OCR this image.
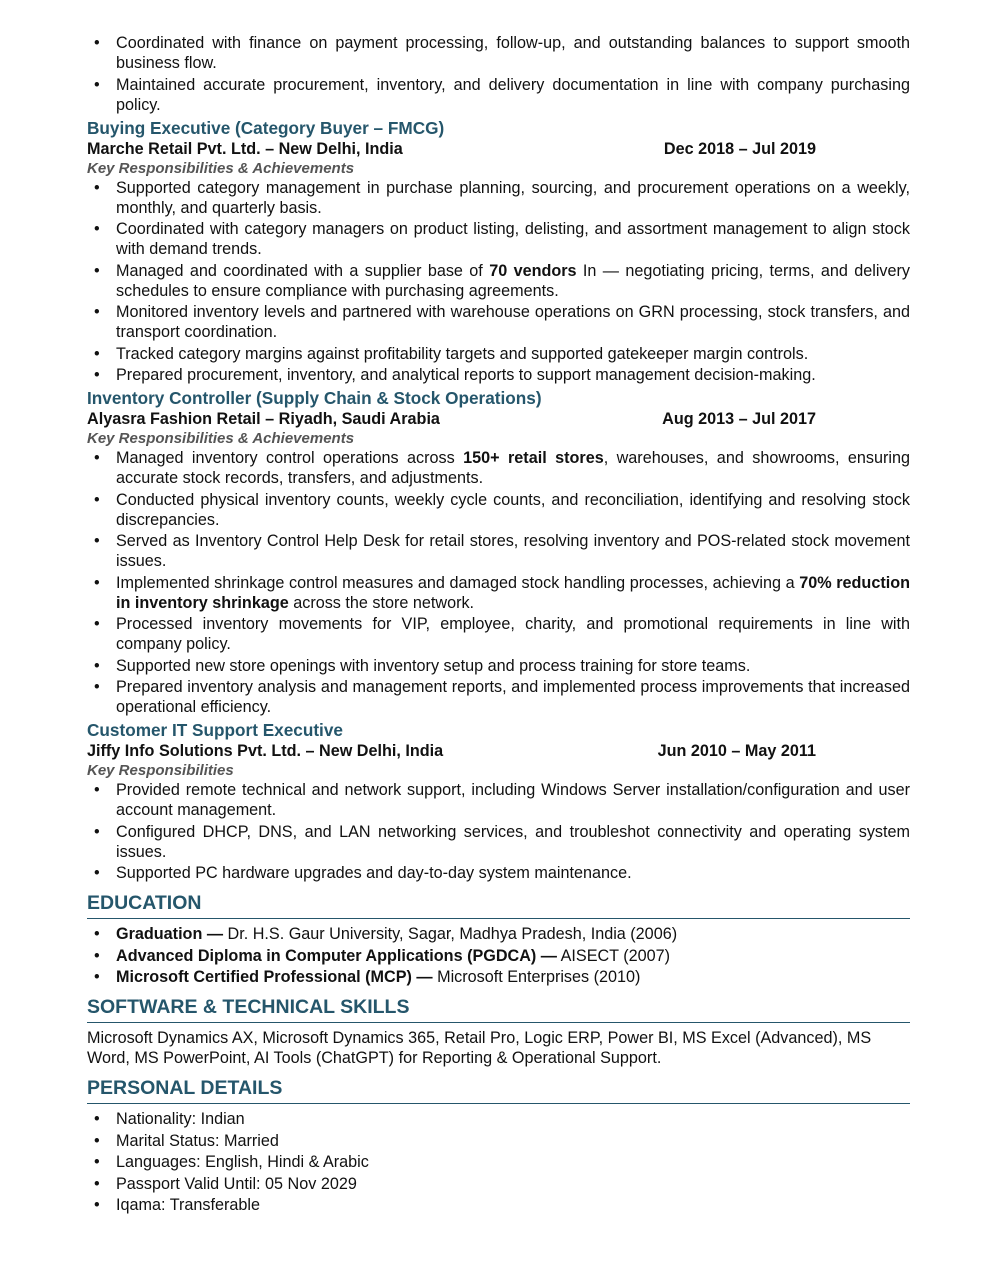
• Coordinated with finance on payment processing, follow-up, and outstanding balances to support smooth business flow.
• Maintained accurate procurement, inventory, and delivery documentation in line with company purchasing policy.
Buying Executive (Category Buyer – FMCG)
Marche Retail Pvt. Ltd. – New Delhi, India	Dec 2018 – Jul 2019
Key Responsibilities & Achievements
• Supported category management in purchase planning, sourcing, and procurement operations on a weekly, monthly, and quarterly basis.
• Coordinated with category managers on product listing, delisting, and assortment management to align stock with demand trends.
• Managed and coordinated with a supplier base of 70 vendors In — negotiating pricing, terms, and delivery schedules to ensure compliance with purchasing agreements.
• Monitored inventory levels and partnered with warehouse operations on GRN processing, stock transfers, and transport coordination.
• Tracked category margins against profitability targets and supported gatekeeper margin controls.
• Prepared procurement, inventory, and analytical reports to support management decision-making.
Inventory Controller (Supply Chain & Stock Operations)
Alyasra Fashion Retail – Riyadh, Saudi Arabia	Aug 2013 – Jul 2017
Key Responsibilities & Achievements
• Managed inventory control operations across 150+ retail stores, warehouses, and showrooms, ensuring accurate stock records, transfers, and adjustments.
• Conducted physical inventory counts, weekly cycle counts, and reconciliation, identifying and resolving stock discrepancies.
• Served as Inventory Control Help Desk for retail stores, resolving inventory and POS-related stock movement issues.
• Implemented shrinkage control measures and damaged stock handling processes, achieving a 70% reduction in inventory shrinkage across the store network.
• Processed inventory movements for VIP, employee, charity, and promotional requirements in line with company policy.
• Supported new store openings with inventory setup and process training for store teams.
• Prepared inventory analysis and management reports, and implemented process improvements that increased operational efficiency.
Customer IT Support Executive
Jiffy Info Solutions Pvt. Ltd. – New Delhi, India	Jun 2010 – May 2011
Key Responsibilities
• Provided remote technical and network support, including Windows Server installation/configuration and user account management.
• Configured DHCP, DNS, and LAN networking services, and troubleshot connectivity and operating system issues.
• Supported PC hardware upgrades and day-to-day system maintenance.
EDUCATION
• Graduation — Dr. H.S. Gaur University, Sagar, Madhya Pradesh, India (2006)
• Advanced Diploma in Computer Applications (PGDCA) — AISECT (2007)
• Microsoft Certified Professional (MCP) — Microsoft Enterprises (2010)
SOFTWARE & TECHNICAL SKILLS
Microsoft Dynamics AX, Microsoft Dynamics 365, Retail Pro, Logic ERP, Power BI, MS Excel (Advanced), MS Word, MS PowerPoint, AI Tools (ChatGPT) for Reporting & Operational Support.
PERSONAL DETAILS
• Nationality: Indian
• Marital Status: Married
• Languages: English, Hindi & Arabic
• Passport Valid Until: 05 Nov 2029
• Iqama: Transferable
